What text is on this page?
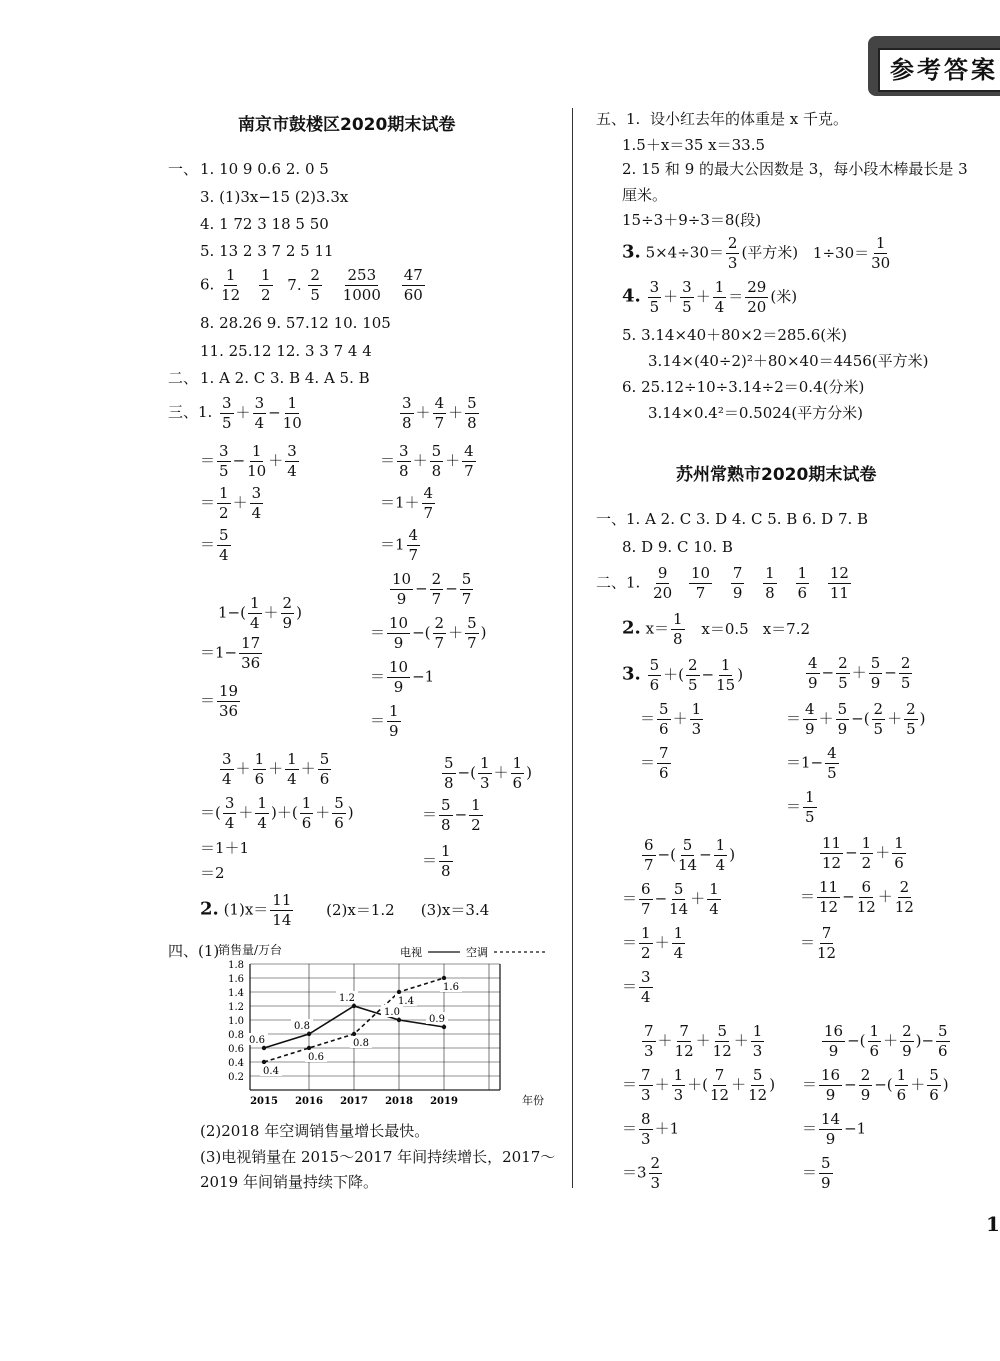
参考答案
南京市鼓楼区2020期末试卷
一、 1. 10 9 0.6 2. 0 5
3. (1)3x−15 (2)3.3x
4. 1 72 3 18 5 50
5. 13 2 3 7 2 5 11
6. $\frac{1}{12}$
$\frac{1}{2} 7$. $\frac{2}{5}$
$\frac{253}{1000}$
$\frac{47}{60}$
8. 28.26 9. 57.12 10. 105
11. 25.12 12. 3 3 7 4 4
二、 1. A 2. C 3. B 4. A 5. B
三、1. $\frac{3}{5} + \frac{3}{4} - \frac{1}{10}$
＝ $\frac{3}{5} - \frac{1}{10} + \frac{3}{4}$
＝ $\frac{1}{2} + \frac{3}{4}$
＝ $\frac{5}{4}$
$\frac{3}{8} + \frac{4}{7} + \frac{5}{8}$
＝ $\frac{3}{8} + \frac{5}{8} + \frac{4}{7}$
$=1+ \frac{4}{7}$
$=1 \frac{4}{7}$
$1-( \frac{1}{4} + \frac{2}{9}$ )
$=1- \frac{17}{36}$
＝ $\frac{19}{36}$
$\frac{10}{9} - \frac{2}{7} - \frac{5}{7}$
＝ $\frac{10}{9}$ −( $\frac{2}{7} + \frac{5}{7}$ )
＝ $\frac{10}{9} -1$
＝ $\frac{1}{9}$
$\frac{3}{4} + \frac{1}{6} + \frac{1}{4} + \frac{5}{6}$
＝( $\frac{3}{4} + \frac{1}{4}$ )＋( $\frac{1}{6} + \frac{5}{6}$ )
＝1＋1
＝2
$\frac{5}{8}$ −( $\frac{1}{3} + \frac{1}{6}$ )
＝ $\frac{5}{8} - \frac{1}{2}$
＝ $\frac{1}{8}$
2. $(1)x= \frac{11}{14} (2)x=1.2$ (3)x＝3.4
四、(1)
销售量/万台
0.2
0.4
0.6
0.8
1.0
1.2
1.4
1.6
1.8
2015 2016 2017 2018 2019	年份
0.6
0.8
1.2
1.0
0.9
0.4
0.6
0.8
1.4
1.6
电视	空调
(2)2018 年空调销售量增长最快。
(3)电视销量在 2015～2017 年间持续增长，2017～
2019 年间销量持续下降。
五、1. 设小红去年的体重是 x 千克。
1.5＋x＝35 x＝33.5
2. 15 和 9 的最大公因数是 3，每小段木棒最长是 3
厘米。
15÷3＋9÷3＝8(段)
3. $5\times 4\div 30= \frac{2}{3}$ (平方米) $1\div 30= \frac{1}{30}$
4. $\frac{3}{5} + \frac{3}{5} + \frac{1}{4} = \frac{29}{20}$ (米)
5. 3.14×40＋80×2＝285.6(米)
3.14×(40÷2)²＋80×40＝4456(平方米)
6. 25.12÷10÷3.14÷2＝0.4(分米)
3.14×0.4²＝0.5024(平方分米)
苏州常熟市2020期末试卷
一、1. A 2. C 3. D 4. C 5. B 6. D 7. B
8. D 9. C 10. B
二、1. $\frac{9}{20}$
$\frac{10}{7}$
$\frac{7}{9}$
$\frac{1}{8}$
$\frac{1}{6}$
$\frac{12}{11}$
2. $x= \frac{1}{8} x=0.5$ x＝7.2
3. $\frac{5}{6}$ ＋( $\frac{2}{5} - \frac{1}{15}$ )
＝ $\frac{5}{6} + \frac{1}{3}$
＝ $\frac{7}{6}$
$\frac{4}{9} - \frac{2}{5} + \frac{5}{9} - \frac{2}{5}$
＝ $\frac{4}{9} + \frac{5}{9}$ −( $\frac{2}{5} + \frac{2}{5}$ )
$=1- \frac{4}{5}$
＝ $\frac{1}{5}$
$\frac{6}{7}$ −( $\frac{5}{14} - \frac{1}{4}$ )
＝ $\frac{6}{7} - \frac{5}{14} + \frac{1}{4}$
＝ $\frac{1}{2} + \frac{1}{4}$
＝ $\frac{3}{4}$
$\frac{11}{12} - \frac{1}{2} + \frac{1}{6}$
＝ $\frac{11}{12} - \frac{6}{12} + \frac{2}{12}$
＝ $\frac{7}{12}$
$\frac{7}{3} + \frac{7}{12} + \frac{5}{12} + \frac{1}{3}$
＝ $\frac{7}{3} + \frac{1}{3}$ ＋( $\frac{7}{12} + \frac{5}{12}$ )
＝ $\frac{8}{3} +1$
$=3 \frac{2}{3}$
$\frac{16}{9}$ −( $\frac{1}{6} + \frac{2}{9}$ )− $\frac{5}{6}$
＝ $\frac{16}{9} - \frac{2}{9}$ −( $\frac{1}{6} + \frac{5}{6}$ )
＝ $\frac{14}{9} -1$
＝ $\frac{5}{9}$
1
